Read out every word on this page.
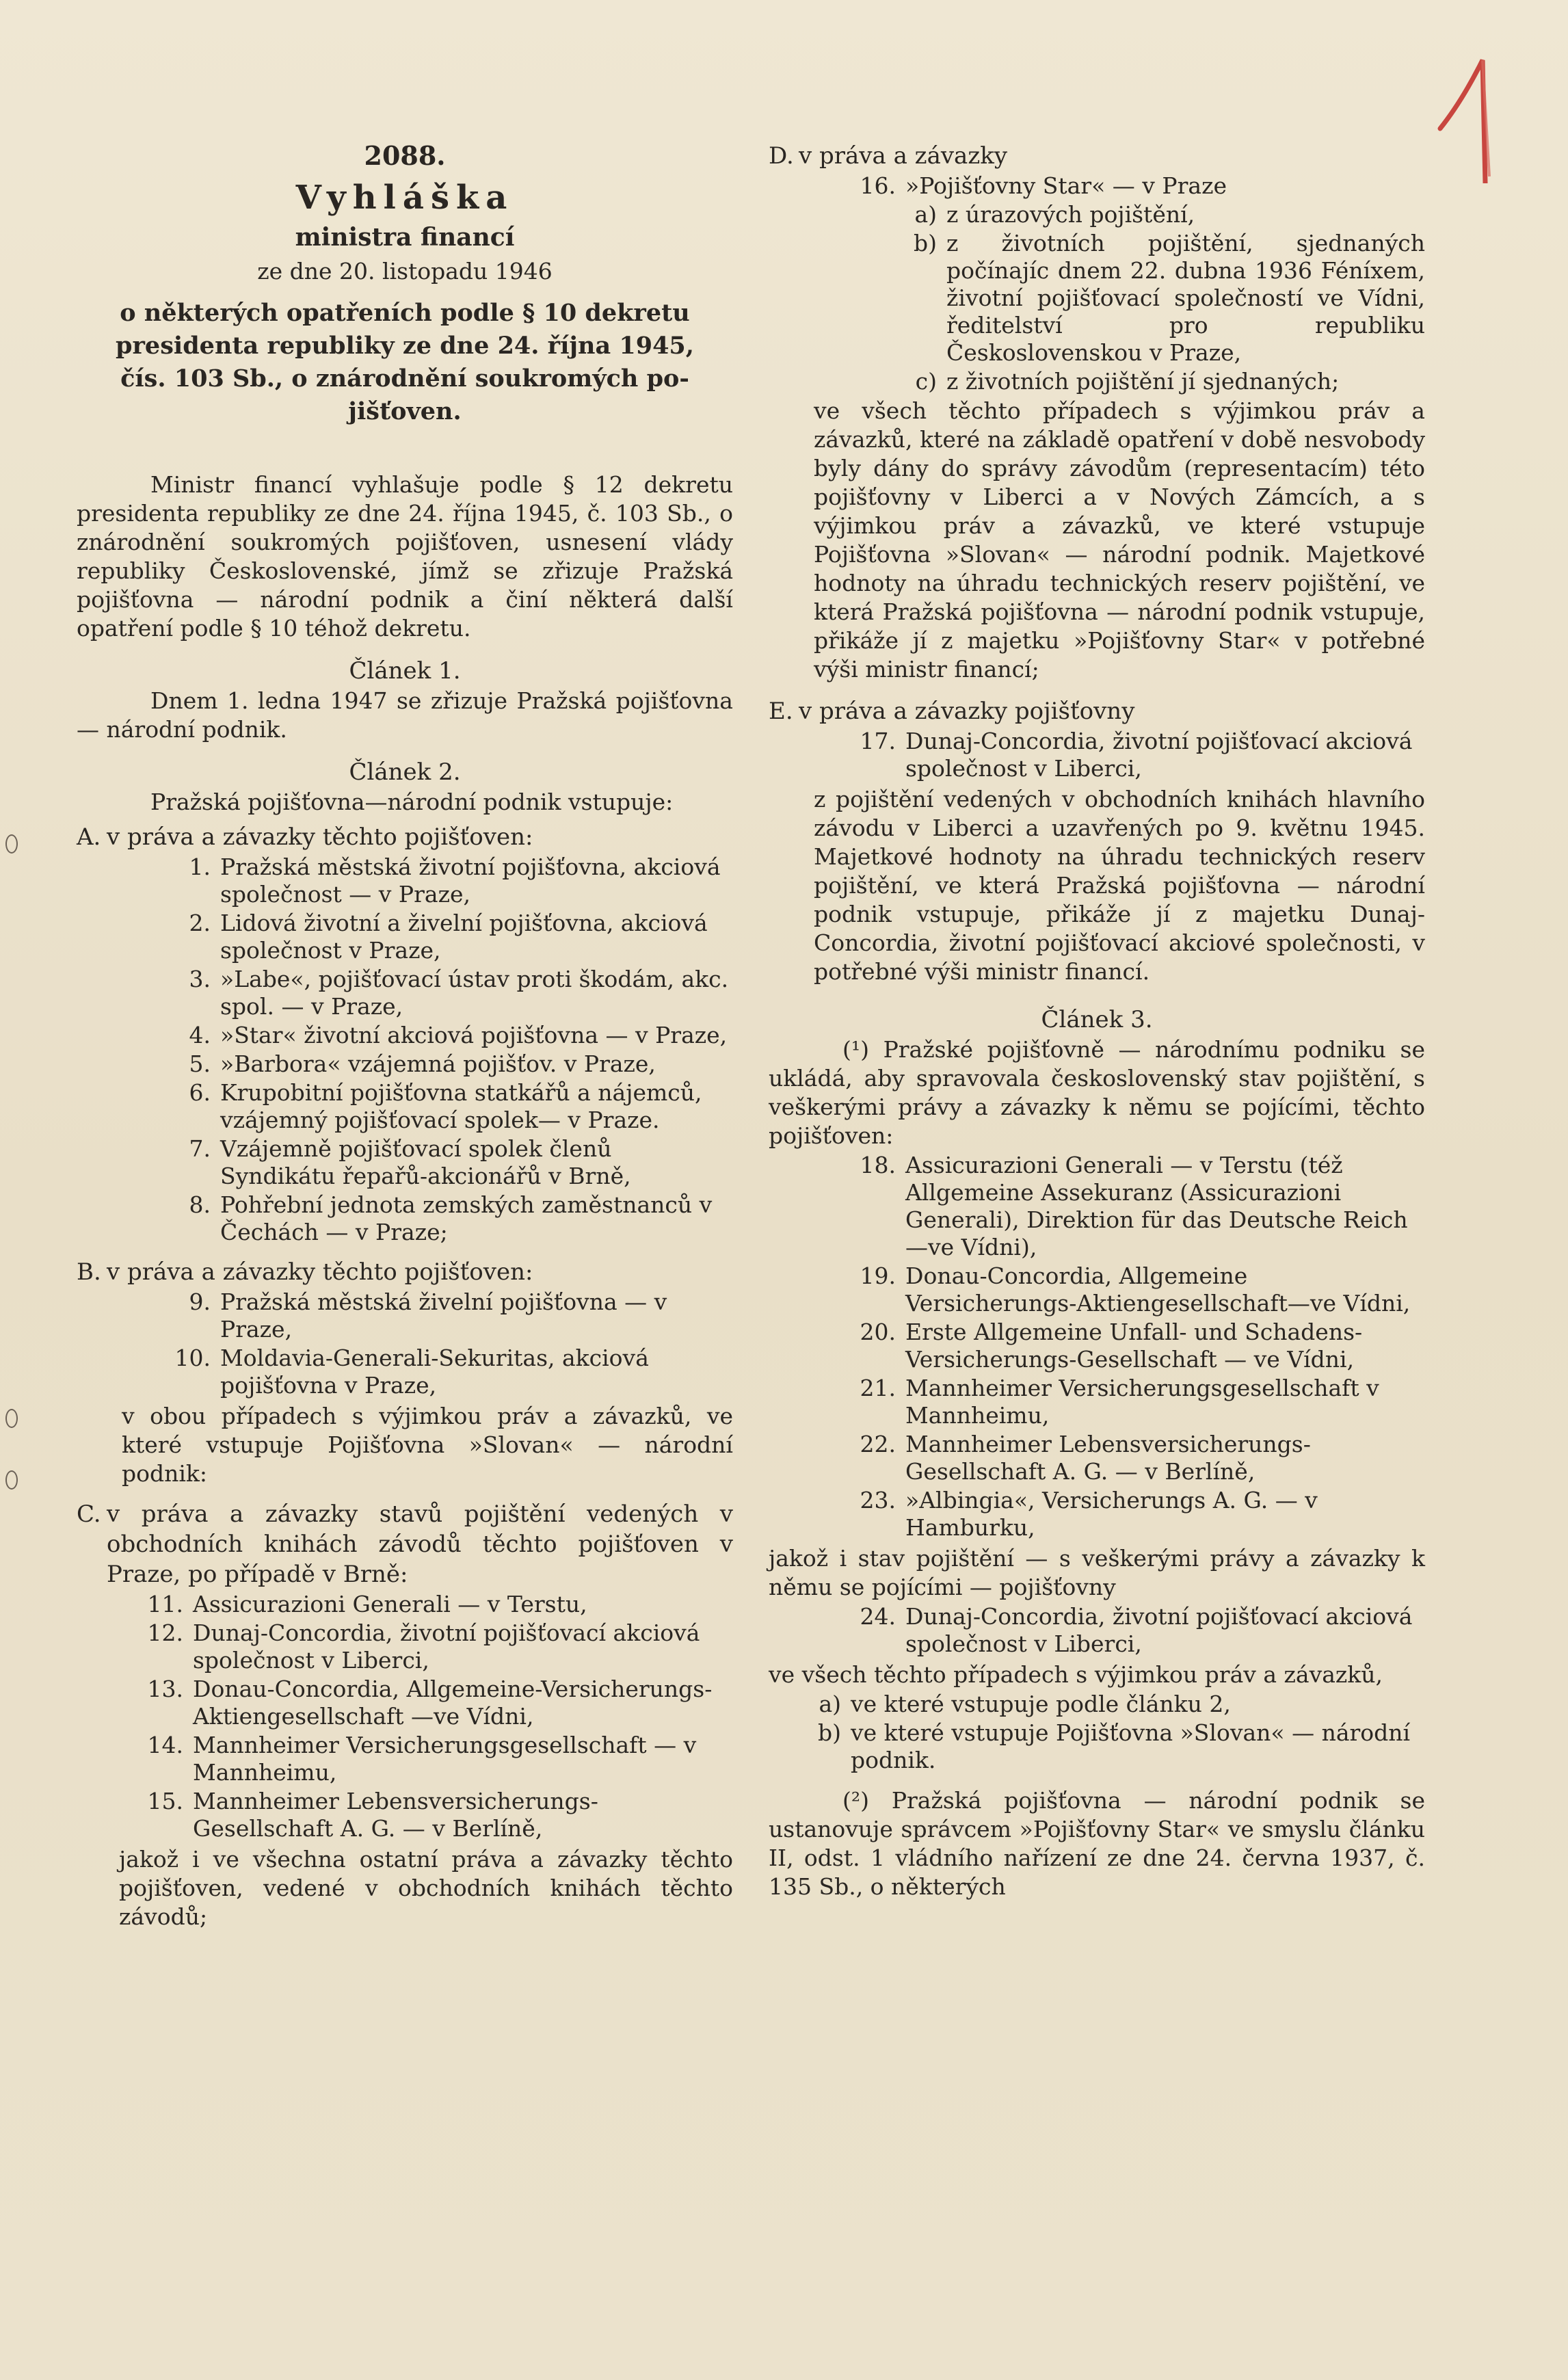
2088.
Vyhláška
ministra financí
ze dne 20. listopadu 1946
o některých opatřeních podle § 10 dekretu
presidenta republiky ze dne 24. října 1945,
čís. 103 Sb., o znárodnění soukromých po-
jišťoven.

Ministr financí vyhlašuje podle § 12 dekretu presidenta republiky ze dne 24. října 1945, č. 103 Sb., o znárodnění soukromých pojišťoven, usnesení vlády republiky Československé, jímž se zřizuje Pražská pojišťovna — národní podnik a činí některá další opatření podle § 10 téhož dekretu.

Článek 1.

Dnem 1. ledna 1947 se zřizuje Pražská pojišťovna — národní podnik.

Článek 2.

Pražská pojišťovna—národní podnik vstupuje:

A. v práva a závazky těchto pojišťoven:
1. Pražská městská životní pojišťovna, akciová společnost — v Praze,
2. Lidová životní a živelní pojišťovna, akciová společnost v Praze,
3. »Labe«, pojišťovací ústav proti škodám, akc. spol. — v Praze,
4. »Star« životní akciová pojišťovna — v Praze,
5. »Barbora« vzájemná pojišťov. v Praze,
6. Krupobitní pojišťovna statkářů a nájemců, vzájemný pojišťovací spolek— v Praze.
7. Vzájemně pojišťovací spolek členů Syndikátu řepařů-akcionářů v Brně,
8. Pohřební jednota zemských zaměstnanců v Čechách — v Praze;
B. v práva a závazky těchto pojišťoven:
9. Pražská městská živelní pojišťovna — v Praze,
10. Moldavia-Generali-Sekuritas, akciová pojišťovna v Praze,

v obou případech s výjimkou práv a závazků, ve které vstupuje Pojišťovna »Slovan« — národní podnik:

C. v práva a závazky stavů pojištění vedených v obchodních knihách závodů těchto pojišťoven v Praze, po případě v Brně:
11. Assicurazioni Generali — v Terstu,
12. Dunaj-Concordia, životní pojišťovací akciová společnost v Liberci,
13. Donau-Concordia, Allgemeine-Versicherungs-Aktiengesellschaft —ve Vídni,
14. Mannheimer Versicherungsgesellschaft — v Mannheimu,
15. Mannheimer Lebensversicherungs-Gesellschaft A. G. — v Berlíně,

jakož i ve všechna ostatní práva a závazky těchto pojišťoven, vedené v obchodních knihách těchto závodů;

D. v práva a závazky
16. »Pojišťovny Star« — v Praze
a) z úrazových pojištění,
b) z životních pojištění, sjednaných počínajíc dnem 22. dubna 1936 Féníxem, životní pojišťovací společností ve Vídni, ředitelství pro republiku Československou v Praze,
c) z životních pojištění jí sjednaných;

ve všech těchto případech s výjimkou práv a závazků, které na základě opatření v době nesvobody byly dány do správy závodům (representacím) této pojišťovny v Liberci a v Nových Zámcích, a s výjimkou práv a závazků, ve které vstupuje Pojišťovna »Slovan« — národní podnik. Majetkové hodnoty na úhradu technických reserv pojištění, ve která Pražská pojišťovna — národní podnik vstupuje, přikáže jí z majetku »Pojišťovny Star« v potřebné výši ministr financí;

E. v práva a závazky pojišťovny
17. Dunaj-Concordia, životní pojišťovací akciová společnost v Liberci,

z pojištění vedených v obchodních knihách hlavního závodu v Liberci a uzavřených po 9. květnu 1945. Majetkové hodnoty na úhradu technických reserv pojištění, ve která Pražská pojišťovna — národní podnik vstupuje, přikáže jí z majetku Dunaj-Concordia, životní pojišťovací akciové společnosti, v potřebné výši ministr financí.

Článek 3.

(¹) Pražské pojišťovně — národnímu podniku se ukládá, aby spravovala československý stav pojištění, s veškerými právy a závazky k němu se pojícími, těchto pojišťoven:

18. Assicurazioni Generali — v Terstu (též Allgemeine Assekuranz (Assicurazioni Generali), Direktion für das Deutsche Reich —ve Vídni),
19. Donau-Concordia, Allgemeine Versicherungs-Aktiengesellschaft—ve Vídni,
20. Erste Allgemeine Unfall- und Schadens-Versicherungs-Gesellschaft — ve Vídni,
21. Mannheimer Versicherungsgesellschaft v Mannheimu,
22. Mannheimer Lebensversicherungs-Gesellschaft A. G. — v Berlíně,
23. »Albingia«, Versicherungs A. G. — v Hamburku,

jakož i stav pojištění — s veškerými právy a závazky k němu se pojícími — pojišťovny

24. Dunaj-Concordia, životní pojišťovací akciová společnost v Liberci,

ve všech těchto případech s výjimkou práv a závazků,

a) ve které vstupuje podle článku 2,
b) ve které vstupuje Pojišťovna »Slovan« — národní podnik.

(²) Pražská pojišťovna — národní podnik se ustanovuje správcem »Pojišťovny Star« ve smyslu článku II, odst. 1 vládního nařízení ze dne 24. června 1937, č. 135 Sb., o některých
